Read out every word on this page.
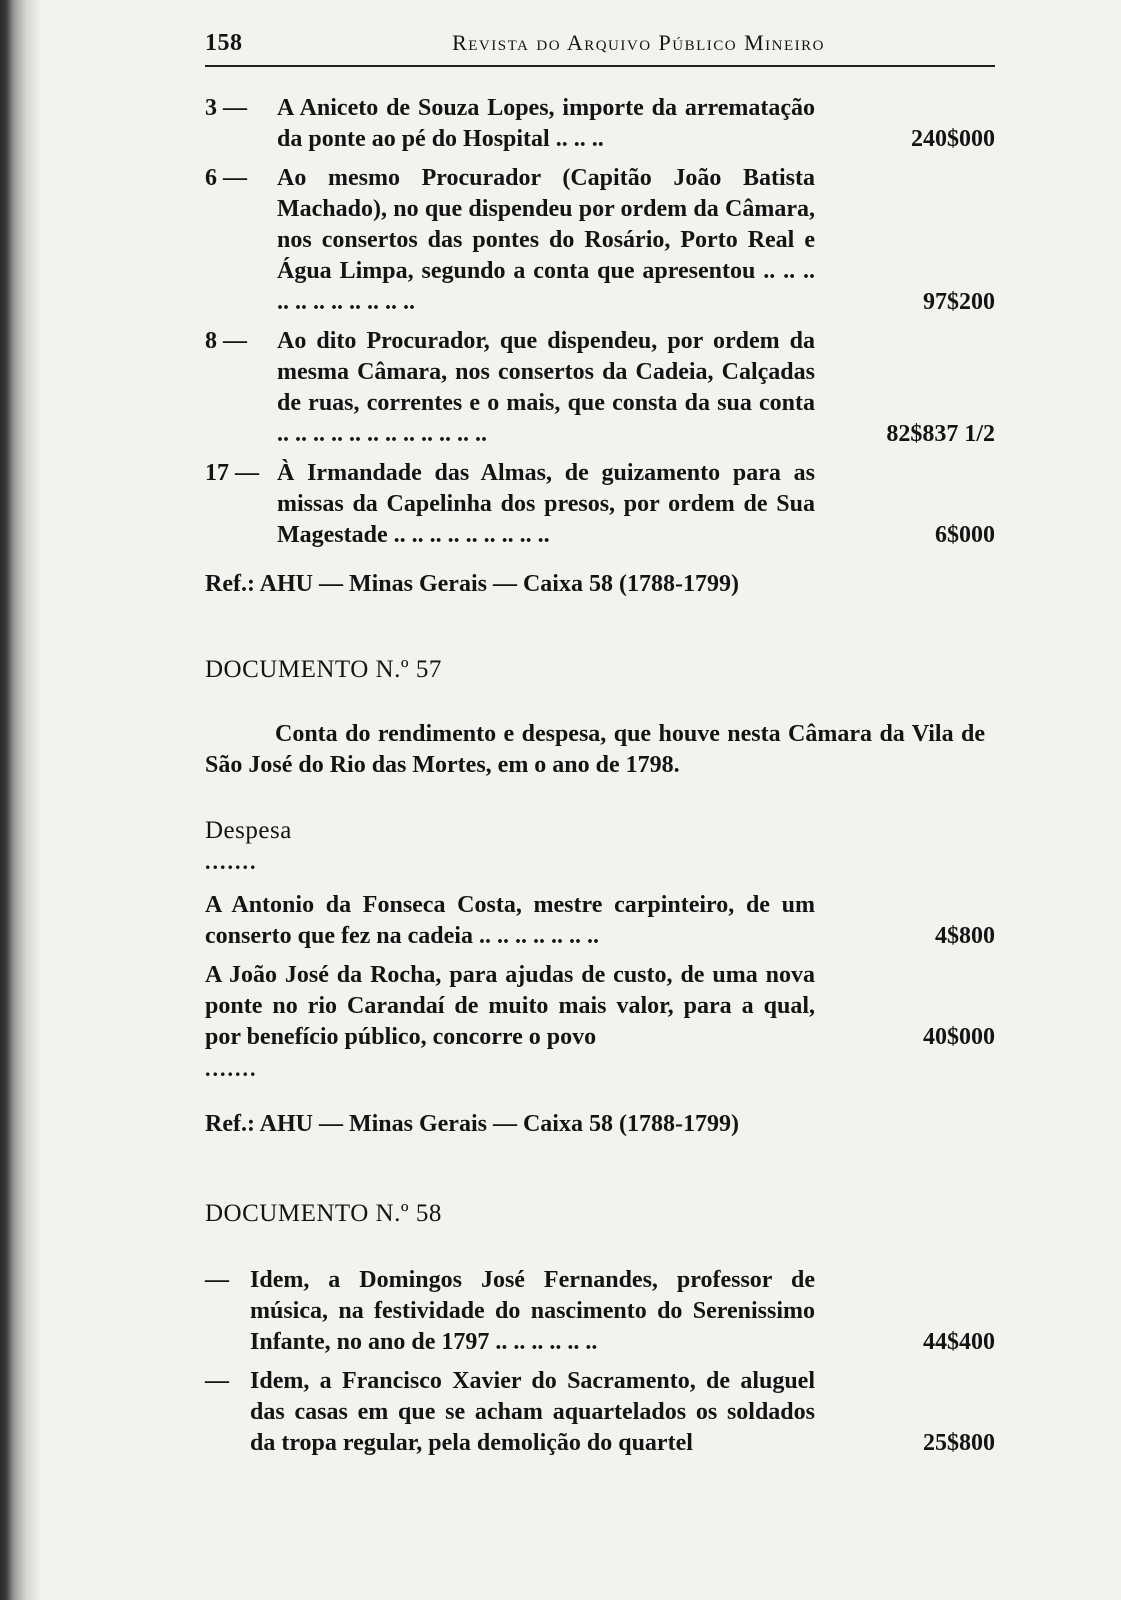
158	Revista do Arquivo Público Mineiro
3 —	A Aniceto de Souza Lopes, importe da arrematação da ponte ao pé do Hospital .. .. ..	240$000
6 —	Ao mesmo Procurador (Capitão João Batista Machado), no que dispendeu por ordem da Câmara, nos consertos das pontes do Rosário, Porto Real e Água Limpa, segundo a conta que apresentou .. .. .. .. .. .. .. .. .. .. ..	97$200
8 —	Ao dito Procurador, que dispendeu, por ordem da mesma Câmara, nos consertos da Cadeia, Calçadas de ruas, correntes e o mais, que consta da sua conta .. .. .. .. .. .. .. .. .. .. .. ..	82$837 1/2
17 — À Irmandade das Almas, de guizamento para as missas da Capelinha dos presos, por ordem de Sua Magestade .. .. .. .. .. .. .. .. ..	6$000
Ref.: AHU — Minas Gerais — Caixa 58 (1788-1799)
DOCUMENTO N.º 57
Conta do rendimento e despesa, que houve nesta Câmara da Vila de São José do Rio das Mortes, em o ano de 1798.
Despesa
.......
A Antonio da Fonseca Costa, mestre carpinteiro, de um conserto que fez na cadeia .. .. .. .. .. .. ..	4$800
A João José da Rocha, para ajudas de custo, de uma nova ponte no rio Carandaí de muito mais valor, para a qual, por benefício público, concorre o povo	40$000
.......
Ref.: AHU — Minas Gerais — Caixa 58 (1788-1799)
DOCUMENTO N.º 58
— Idem, a Domingos José Fernandes, professor de música, na festividade do nascimento do Serenissimo Infante, no ano de 1797 .. .. .. .. .. ..	44$400
— Idem, a Francisco Xavier do Sacramento, de aluguel das casas em que se acham aquartelados os soldados da tropa regular, pela demolição do quartel	25$800
